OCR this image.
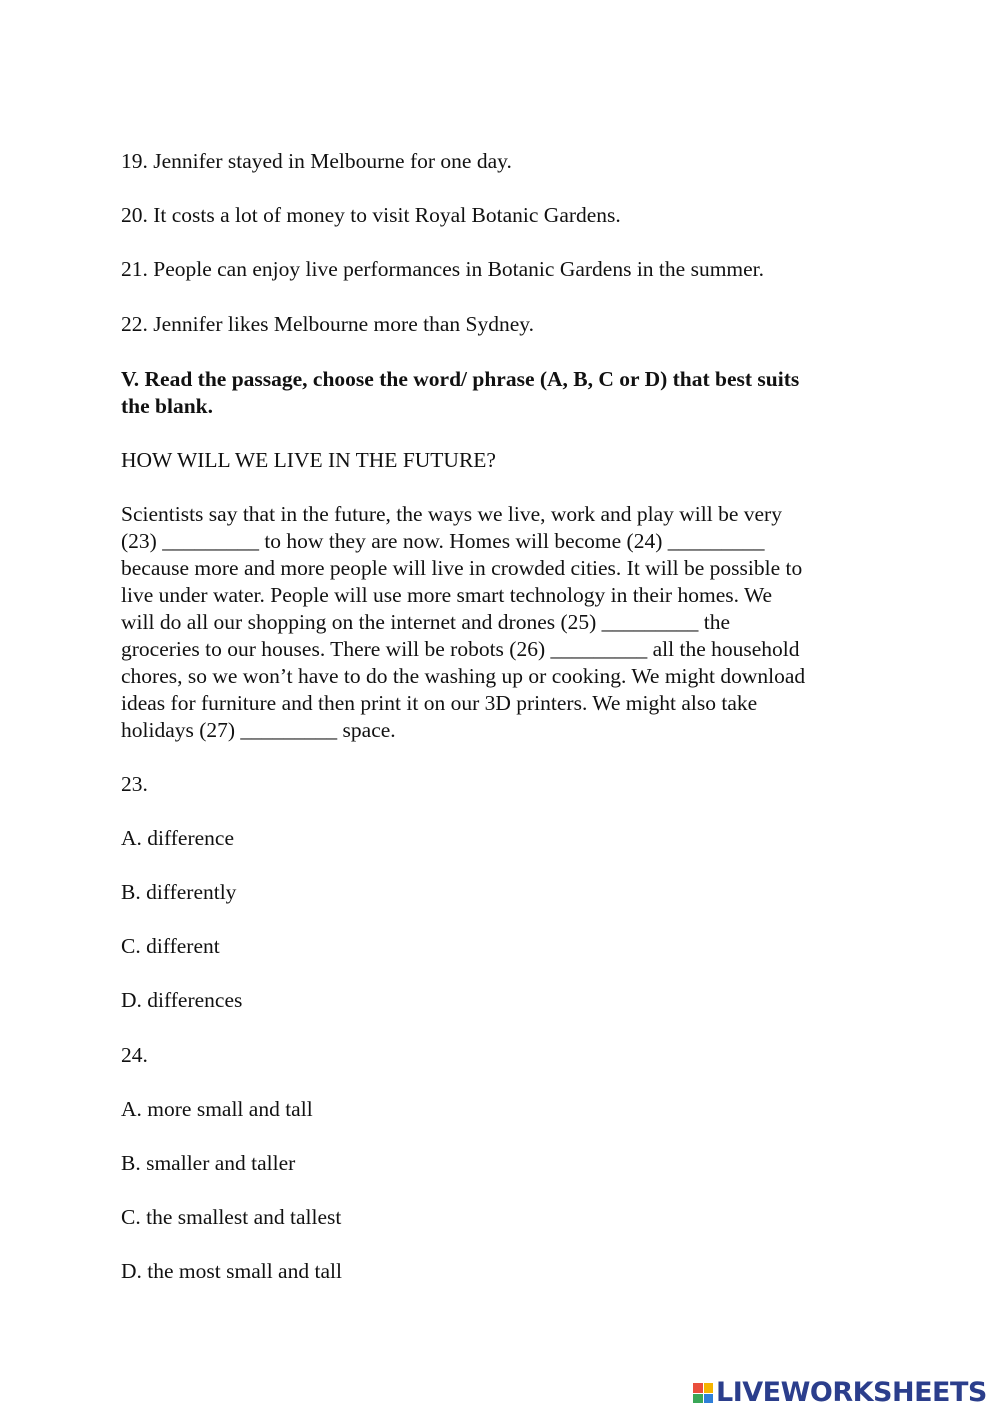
19. Jennifer stayed in Melbourne for one day.
20. It costs a lot of money to visit Royal Botanic Gardens.
21. People can enjoy live performances in Botanic Gardens in the summer.
22. Jennifer likes Melbourne more than Sydney.
V. Read the passage, choose the word/ phrase (A, B, C or D) that best suits
the blank.
HOW WILL WE LIVE IN THE FUTURE?
Scientists say that in the future, the ways we live, work and play will be very
(23) _________ to how they are now. Homes will become (24) _________
because more and more people will live in crowded cities. It will be possible to
live under water. People will use more smart technology in their homes. We
will do all our shopping on the internet and drones (25) _________ the
groceries to our houses. There will be robots (26) _________ all the household
chores, so we won’t have to do the washing up or cooking. We might download
ideas for furniture and then print it on our 3D printers. We might also take
holidays (27) _________ space.
23.
A. difference
B. differently
C. different
D. differences
24.
A. more small and tall
B. smaller and taller
C. the smallest and tallest
D. the most small and tall
LIVEWORKSHEETS
